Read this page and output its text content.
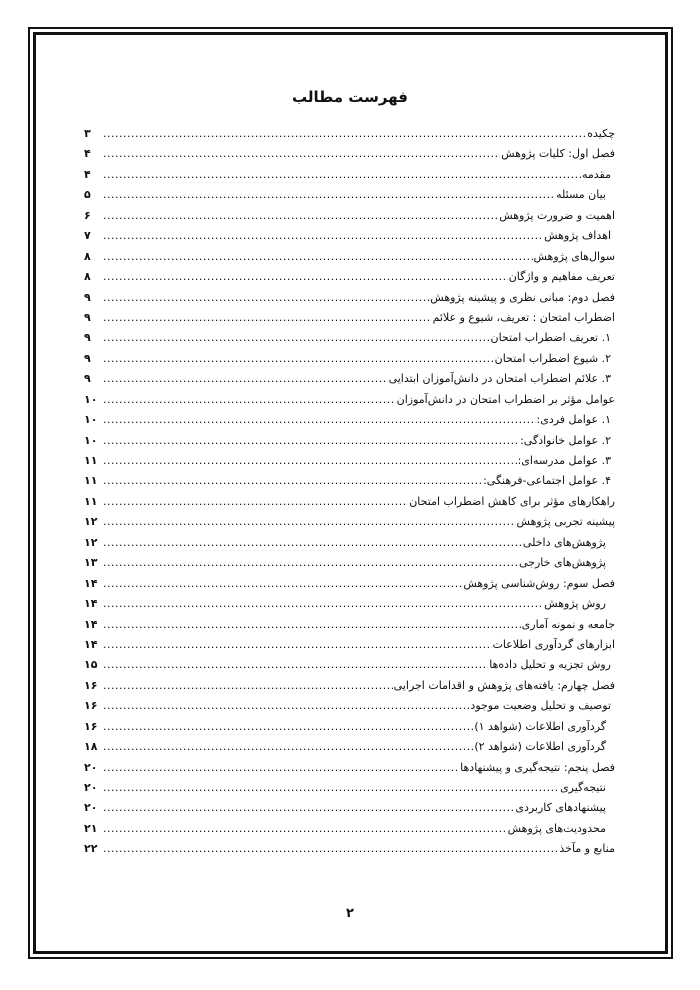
فهرست مطالب
چکیده
.....
۳
فصل اول: کلیات پژوهش
.....
۴
مقدمه
.....
۴
بیان مسئله
.....
۵
اهمیت و ضرورت پژوهش
.....
۶
اهداف پژوهش
.....
۷
سوال‌های پژوهش
.....
۸
تعریف مفاهیم و واژگان
.....
۸
فصل دوم: مبانی نظری و پیشینه پژوهش
.....
۹
اضطراب امتحان : تعریف، شیوع و علائم
.....
۹
۱. تعریف اضطراب امتحان
.....
۹
۲. شیوع اضطراب امتحان
.....
۹
۳. علائم اضطراب امتحان در دانش‌آموزان ابتدایی
.....
۹
عوامل مؤثر بر اضطراب امتحان در دانش‌آموزان
.....
۱۰
۱. عوامل فردی:
.....
۱۰
۲. عوامل خانوادگی:
.....
۱۰
۳. عوامل مدرسه‌ای:
.....
۱۱
۴. عوامل اجتماعی-فرهنگی:
.....
۱۱
راهکارهای مؤثر برای کاهش اضطراب امتحان
.....
۱۱
پیشینه تجربی پژوهش
.....
۱۲
پژوهش‌های داخلی
.....
۱۲
پژوهش‌های خارجی
.....
۱۳
فصل سوم: روش‌شناسی پژوهش
.....
۱۴
روش پژوهش
.....
۱۴
جامعه و نمونه آماری
.....
۱۴
ابزارهای گردآوری اطلاعات
.....
۱۴
روش تجزیه و تحلیل داده‌ها
.....
۱۵
فصل چهارم: یافته‌های پژوهش و اقدامات اجرایی
.....
۱۶
توصیف و تحلیل وضعیت موجود
.....
۱۶
گردآوری اطلاعات (شواهد ۱)
.....
۱۶
گردآوری اطلاعات (شواهد ۲)
.....
۱۸
فصل پنجم: نتیجه‌گیری و پیشنهادها
.....
۲۰
نتیجه‌گیری
.....
۲۰
پیشنهادهای کاربردی
.....
۲۰
محدودیت‌های پژوهش
.....
۲۱
منابع و مآخذ
.....
۲۲
۲
